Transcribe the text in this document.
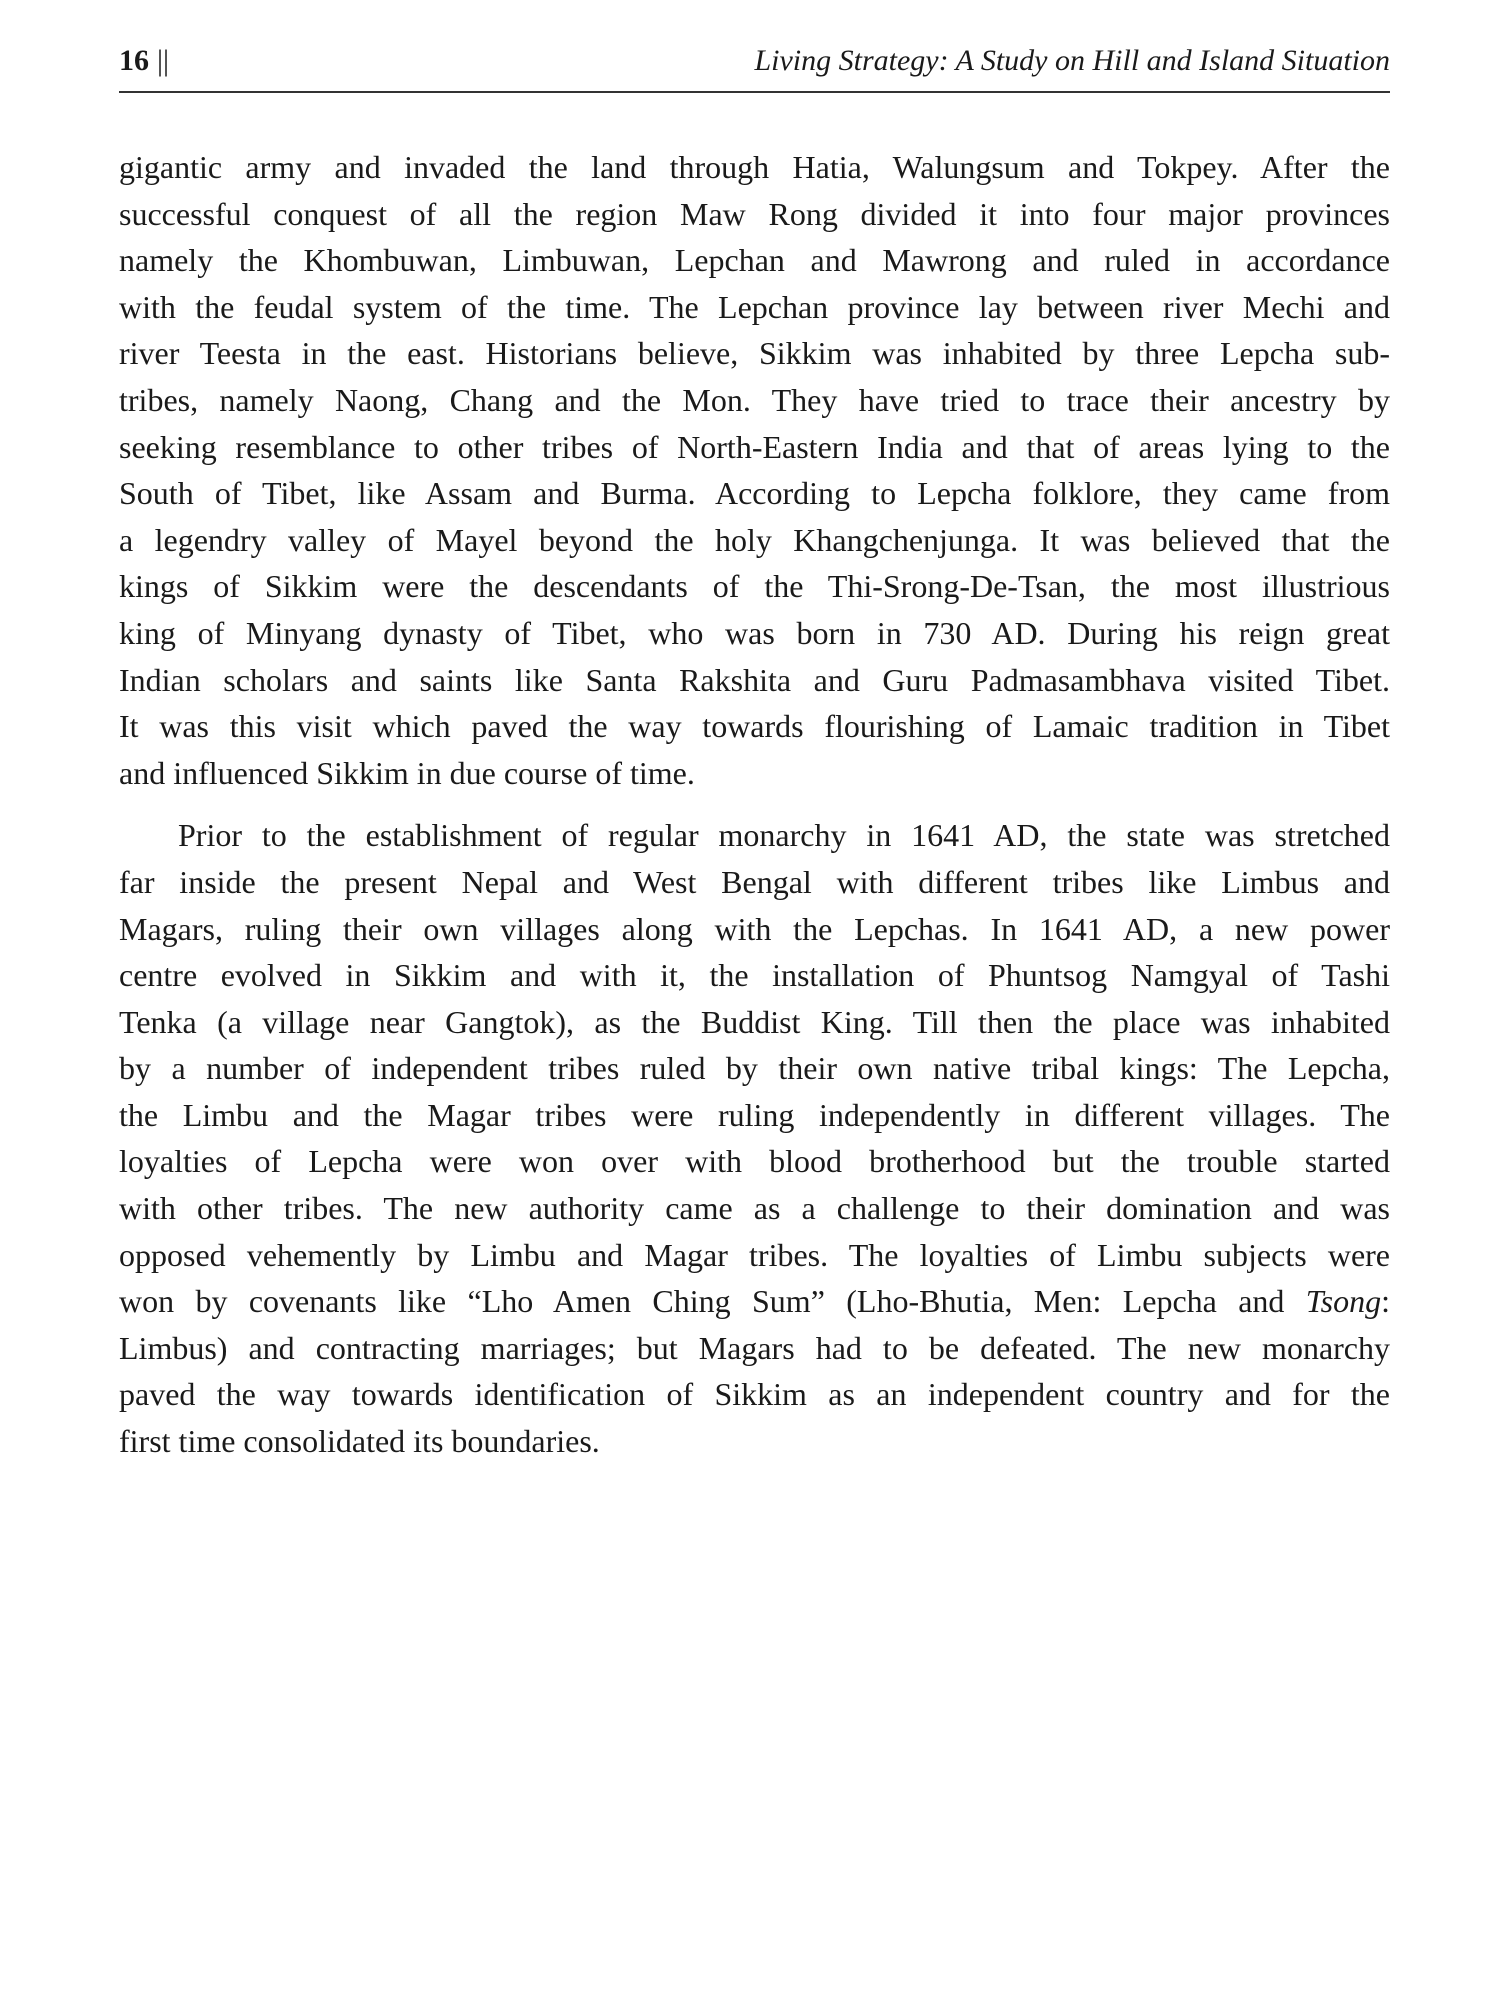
16 ||	Living Strategy: A Study on Hill and Island Situation
gigantic army and invaded the land through Hatia, Walungsum and Tokpey. After the
successful conquest of all the region Maw Rong divided it into four major provinces
namely the Khombuwan, Limbuwan, Lepchan and Mawrong and ruled in accordance
with the feudal system of the time. The Lepchan province lay between river Mechi and
river Teesta in the east. Historians believe, Sikkim was inhabited by three Lepcha sub-
tribes, namely Naong, Chang and the Mon. They have tried to trace their ancestry by
seeking resemblance to other tribes of North-Eastern India and that of areas lying to the
South of Tibet, like Assam and Burma. According to Lepcha folklore, they came from
a legendry valley of Mayel beyond the holy Khangchenjunga. It was believed that the
kings of Sikkim were the descendants of the Thi-Srong-De-Tsan, the most illustrious
king of Minyang dynasty of Tibet, who was born in 730 AD. During his reign great
Indian scholars and saints like Santa Rakshita and Guru Padmasambhava visited Tibet.
It was this visit which paved the way towards flourishing of Lamaic tradition in Tibet
and influenced Sikkim in due course of time.
Prior to the establishment of regular monarchy in 1641 AD, the state was stretched
far inside the present Nepal and West Bengal with different tribes like Limbus and
Magars, ruling their own villages along with the Lepchas. In 1641 AD, a new power
centre evolved in Sikkim and with it, the installation of Phuntsog Namgyal of Tashi
Tenka (a village near Gangtok), as the Buddist King. Till then the place was inhabited
by a number of independent tribes ruled by their own native tribal kings: The Lepcha,
the Limbu and the Magar tribes were ruling independently in different villages. The
loyalties of Lepcha were won over with blood brotherhood but the trouble started
with other tribes. The new authority came as a challenge to their domination and was
opposed vehemently by Limbu and Magar tribes. The loyalties of Limbu subjects were
won by covenants like “Lho Amen Ching Sum” (Lho-Bhutia, Men: Lepcha and Tsong:
Limbus) and contracting marriages; but Magars had to be defeated. The new monarchy
paved the way towards identification of Sikkim as an independent country and for the
first time consolidated its boundaries.
